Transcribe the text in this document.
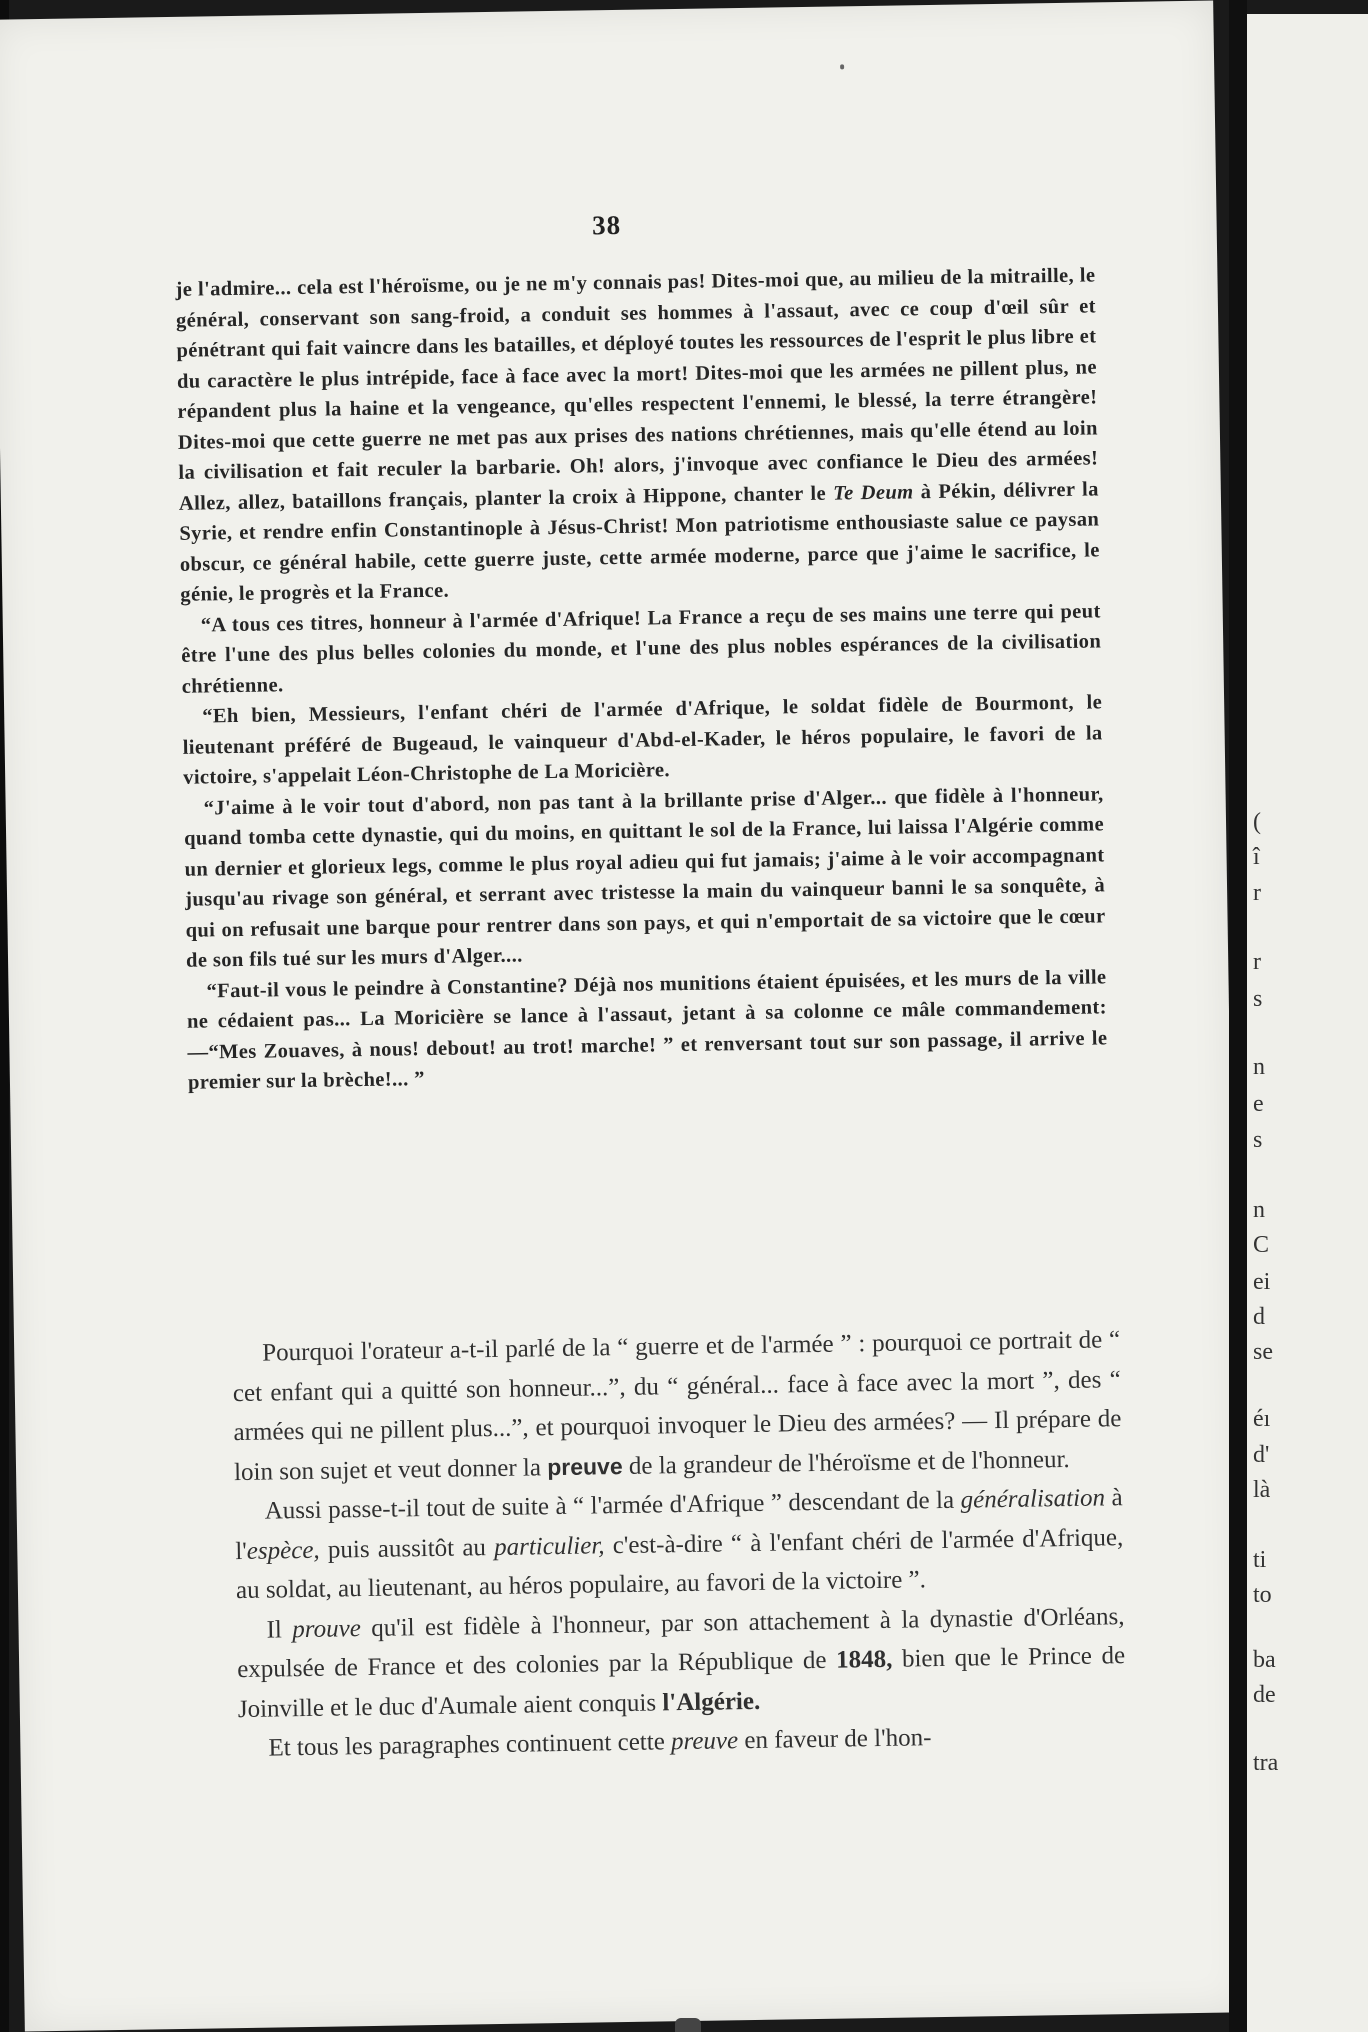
38

je l'admire... cela est l'héroïsme, ou je ne m'y connais pas! Dites-moi que, au milieu de la mitraille, le général, conservant son sang-froid, a conduit ses hommes à l'assaut, avec ce coup d'œil sûr et pénétrant qui fait vaincre dans les batailles, et déployé toutes les ressources de l'esprit le plus libre et du caractère le plus intrépide, face à face avec la mort! Dites-moi que les armées ne pillent plus, ne répandent plus la haine et la vengeance, qu'elles respectent l'ennemi, le blessé, la terre étrangère! Dites-moi que cette guerre ne met pas aux prises des nations chrétiennes, mais qu'elle étend au loin la civilisation et fait reculer la barbarie. Oh! alors, j'invoque avec confiance le Dieu des armées! Allez, allez, bataillons français, planter la croix à Hippone, chanter le Te Deum à Pékin, délivrer la Syrie, et rendre enfin Constantinople à Jésus-Christ! Mon patriotisme enthousiaste salue ce paysan obscur, ce général habile, cette guerre juste, cette armée moderne, parce que j'aime le sacrifice, le génie, le progrès et la France.

“A tous ces titres, honneur à l'armée d'Afrique! La France a reçu de ses mains une terre qui peut être l'une des plus belles colonies du monde, et l'une des plus nobles espérances de la civilisation chrétienne.

“Eh bien, Messieurs, l'enfant chéri de l'armée d'Afrique, le soldat fidèle de Bourmont, le lieutenant préféré de Bugeaud, le vainqueur d'Abd-el-Kader, le héros populaire, le favori de la victoire, s'appelait Léon-Christophe de La Moricière.

“J'aime à le voir tout d'abord, non pas tant à la brillante prise d'Alger... que fidèle à l'honneur, quand tomba cette dynastie, qui du moins, en quittant le sol de la France, lui laissa l'Algérie comme un dernier et glorieux legs, comme le plus royal adieu qui fut jamais; j'aime à le voir accompagnant jusqu'au rivage son général, et serrant avec tristesse la main du vainqueur banni le sa sonquête, à qui on refusait une barque pour rentrer dans son pays, et qui n'emportait de sa victoire que le cœur de son fils tué sur les murs d'Alger....

“Faut-il vous le peindre à Constantine? Déjà nos munitions étaient épuisées, et les murs de la ville ne cédaient pas... La Moricière se lance à l'assaut, jetant à sa colonne ce mâle commandement: —“Mes Zouaves, à nous! debout! au trot! marche! ” et renversant tout sur son passage, il arrive le premier sur la brèche!... ”

Pourquoi l'orateur a-t-il parlé de la “ guerre et de l'armée ” : pourquoi ce portrait de “ cet enfant qui a quitté son honneur...”, du “ général... face à face avec la mort ”, des “ armées qui ne pillent plus...”, et pourquoi invoquer le Dieu des armées? — Il prépare de loin son sujet et veut donner la preuve de la grandeur de l'héroïsme et de l'honneur.

Aussi passe-t-il tout de suite à “ l'armée d'Afrique ” descendant de la généralisation à l'espèce, puis aussitôt au particulier, c'est-à-dire “ à l'enfant chéri de l'armée d'Afrique, au soldat, au lieutenant, au héros populaire, au favori de la victoire ”.

Il prouve qu'il est fidèle à l'honneur, par son attachement à la dynastie d'Orléans, expulsée de France et des colonies par la République de 1848, bien que le Prince de Joinville et le duc d'Aumale aient conquis l'Algérie.

Et tous les paragraphes continuent cette preuve en faveur de l'hon-

(
î
r
r
s
n
e
s
n
C
ei
d
se
éı
d'
là
ti
to
ba
de
tra
